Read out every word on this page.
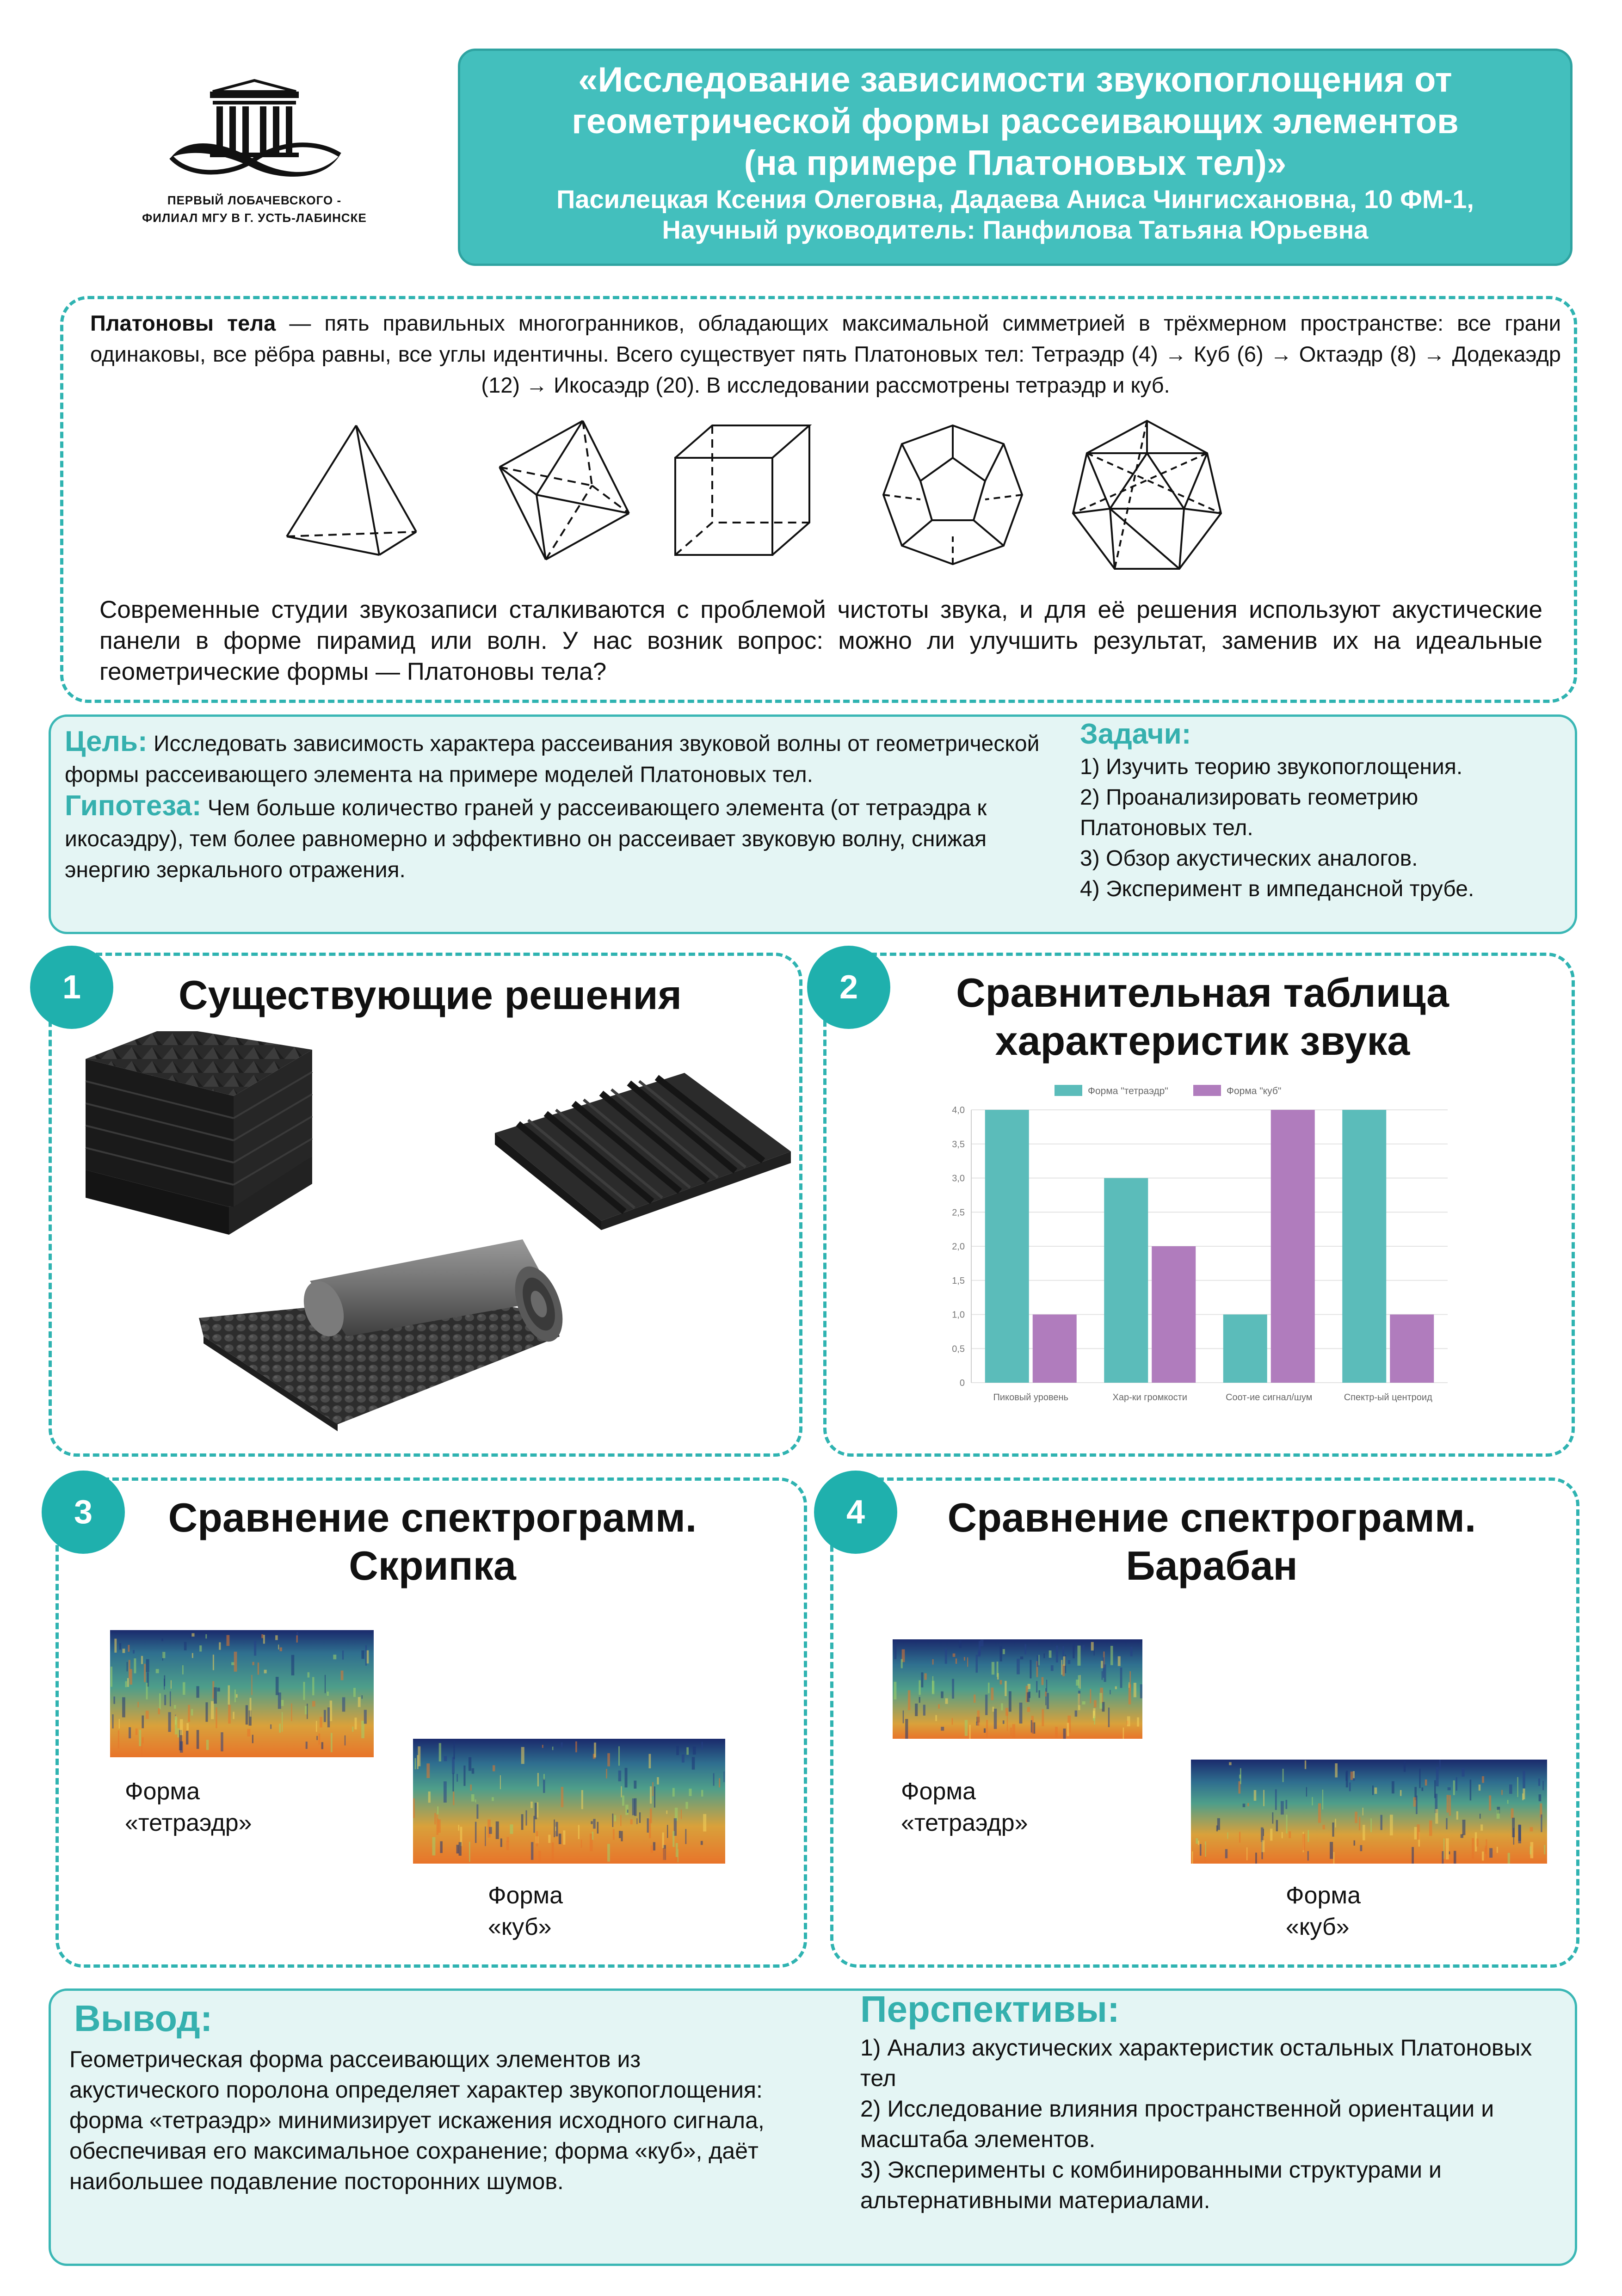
ПЕРВЫЙ ЛОБАЧЕВСКОГО -
ФИЛИАЛ МГУ В Г. УСТЬ-ЛАБИНСКЕ
«Исследование зависимости звукопоглощения от
геометрической формы рассеивающих элементов
(на примере Платоновых тел)»
Пасилецкая Ксения Олеговна, Дадаева Аниса Чингисхановна, 10 ФМ-1,
Научный руководитель: Панфилова Татьяна Юрьевна
Платоновы тела — пять правильных многогранников, обладающих максимальной симметрией в трёхмерном пространстве: все грани одинаковы, все рёбра равны, все углы идентичны. Всего существует пять Платоновых тел: Тетраэдр (4) → Куб (6) → Октаэдр (8) → Додекаэдр (12) → Икосаэдр (20). В исследовании рассмотрены тетраэдр и куб.
Современные студии звукозаписи сталкиваются с проблемой чистоты звука, и для её решения используют акустические панели в форме пирамид или волн. У нас возник вопрос: можно ли улучшить результат, заменив их на идеальные геометрические формы — Платоновы тела?
Цель: Исследовать зависимость характера рассеивания звуковой волны от геометрической формы рассеивающего элемента на примере моделей Платоновых тел.
Гипотеза: Чем больше количество граней у рассеивающего элемента (от тетраэдра к икосаэдру), тем более равномерно и эффективно он рассеивает звуковую волну, снижая энергию зеркального отражения.
Задачи:
1) Изучить теорию звукопоглощения.
2) Проанализировать геометрию
Платоновых тел.
3) Обзор акустических аналогов.
4) Эксперимент в импедансной трубе.
1	2
3	4
Существующие решения	Сравнительная таблица
характеристик звука
Сравнение спектрограмм.
Скрипка
Сравнение спектрограмм.
Барабан
0
0,5
1,0
1,5
2,0
2,5
3,0
3,5
4,0
Пиковый уровень	Хар-ки громкости	Соот-ие сигнал/шум	Спектр-ый центроид
Форма "тетраэдр"	Форма "куб"
Форма
«тетраэдр»
Форма
«куб»
Форма
«тетраэдр»
Форма
«куб»
Вывод:
Геометрическая форма рассеивающих элементов из акустического поролона определяет характер звукопоглощения: форма «тетраэдр» минимизирует искажения исходного сигнала, обеспечивая его максимальное сохранение; форма «куб», даёт наибольшее подавление посторонних шумов.
Перспективы:
1) Анализ акустических характеристик остальных Платоновых тел
2) Исследование влияния пространственной ориентации и масштаба элементов.
3) Эксперименты с комбинированными структурами и альтернативными материалами.
